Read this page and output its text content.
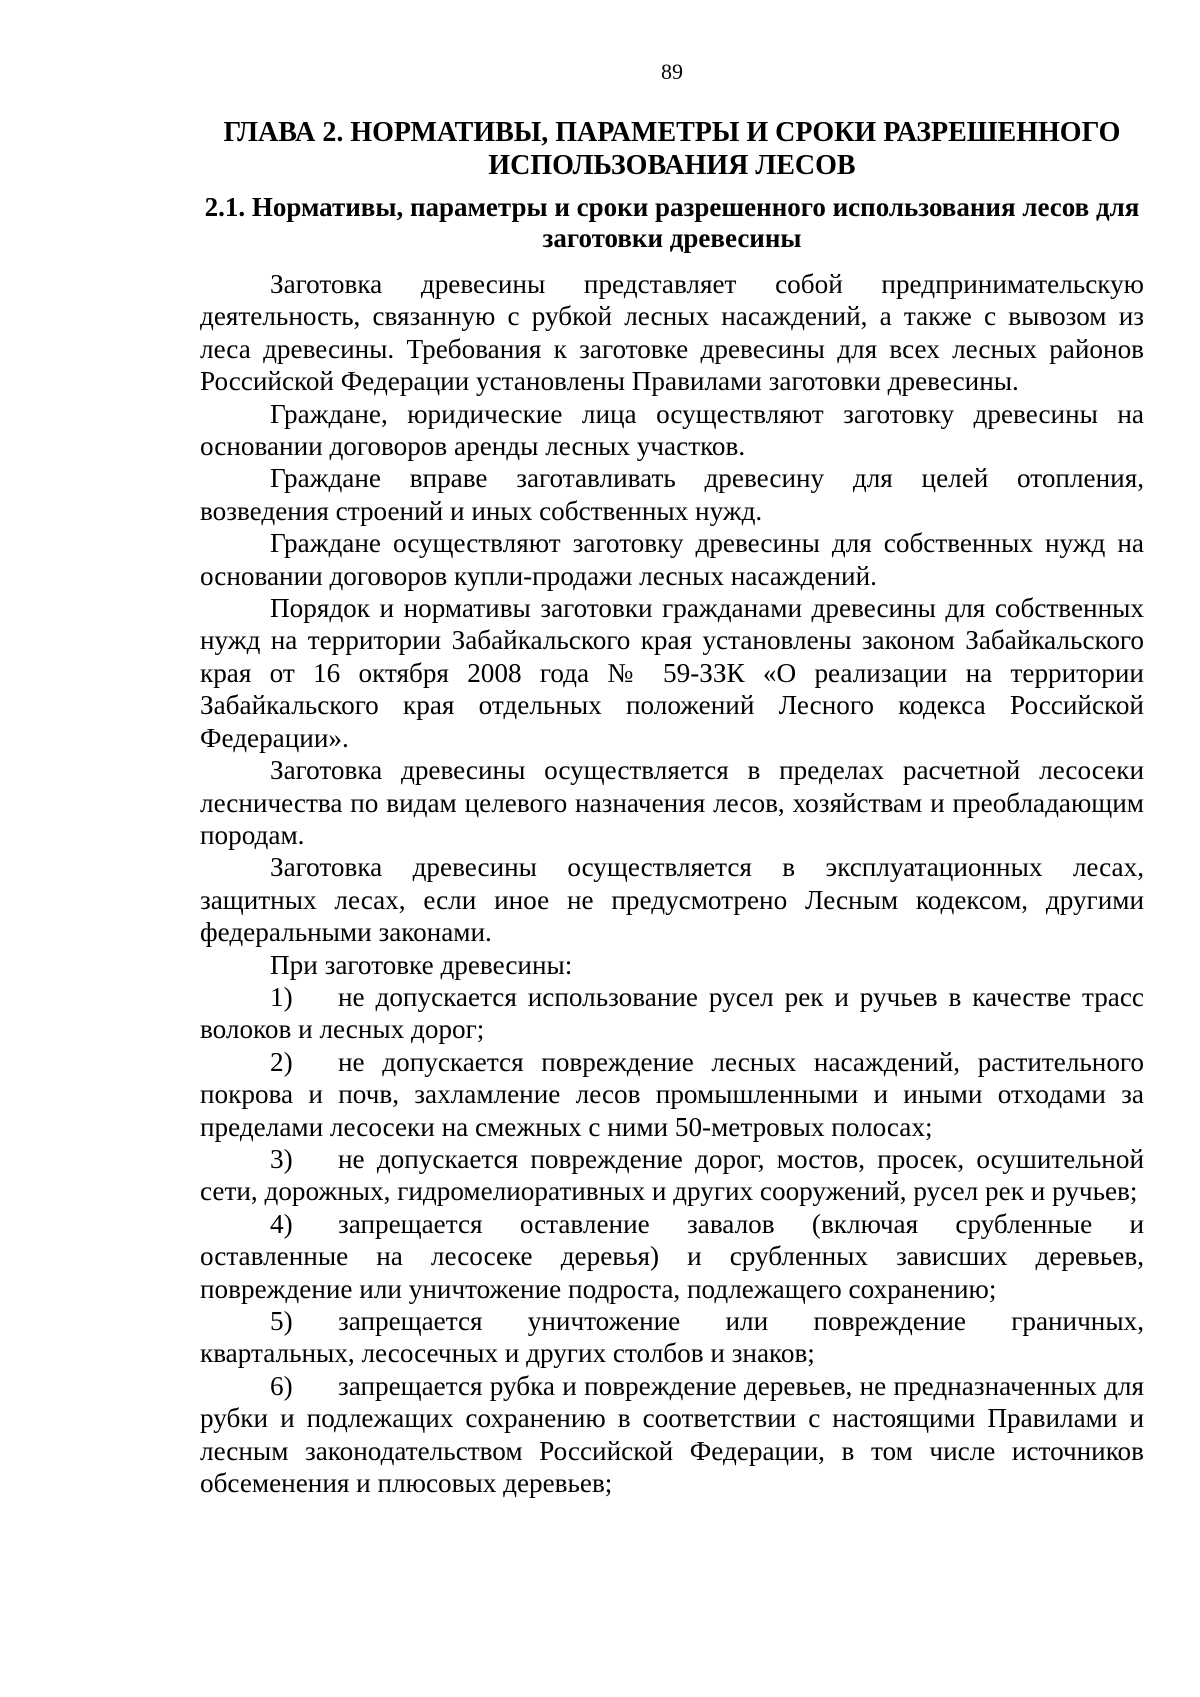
89
ГЛАВА 2. НОРМАТИВЫ, ПАРАМЕТРЫ И СРОКИ РАЗРЕШЕННОГО ИСПОЛЬЗОВАНИЯ ЛЕСОВ
2.1. Нормативы, параметры и сроки разрешенного использования лесов для заготовки древесины

Заготовка древесины представляет собой предпринимательскую деятельность, связанную с рубкой лесных насаждений, а также с вывозом из леса древесины. Требования к заготовке древесины для всех лесных районов Российской Федерации установлены Правилами заготовки древесины.

Граждане, юридические лица осуществляют заготовку древесины на основании договоров аренды лесных участков.

Граждане вправе заготавливать древесину для целей отопления, возведения строений и иных собственных нужд.

Граждане осуществляют заготовку древесины для собственных нужд на основании договоров купли-продажи лесных насаждений.

Порядок и нормативы заготовки гражданами древесины для собственных нужд на территории Забайкальского края установлены законом Забайкальского края от 16 октября 2008 года № 59-ЗЗК «О реализации на территории Забайкальского края отдельных положений Лесного кодекса Российской Федерации».

Заготовка древесины осуществляется в пределах расчетной лесосеки лесничества по видам целевого назначения лесов, хозяйствам и преобладающим породам.

Заготовка древесины осуществляется в эксплуатационных лесах, защитных лесах, если иное не предусмотрено Лесным кодексом, другими федеральными законами.

При заготовке древесины:

1) не допускается использование русел рек и ручьев в качестве трасс волоков и лесных дорог;

2) не допускается повреждение лесных насаждений, растительного покрова и почв, захламление лесов промышленными и иными отходами за пределами лесосеки на смежных с ними 50-метровых полосах;

3) не допускается повреждение дорог, мостов, просек, осушительной сети, дорожных, гидромелиоративных и других сооружений, русел рек и ручьев;

4) запрещается оставление завалов (включая срубленные и оставленные на лесосеке деревья) и срубленных зависших деревьев, повреждение или уничтожение подроста, подлежащего сохранению;

5) запрещается уничтожение или повреждение граничных, квартальных, лесосечных и других столбов и знаков;

6) запрещается рубка и повреждение деревьев, не предназначенных для рубки и подлежащих сохранению в соответствии с настоящими Правилами и лесным законодательством Российской Федерации, в том числе источников обсеменения и плюсовых деревьев;
